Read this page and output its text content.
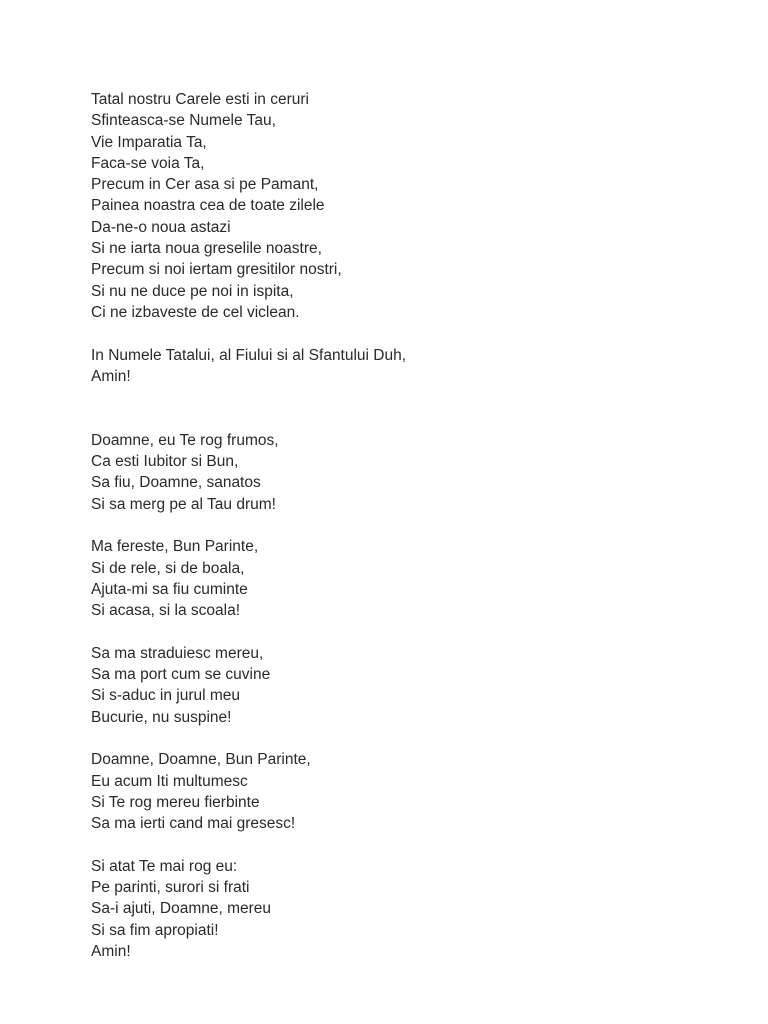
Tatal nostru Carele esti in ceruri
Sfinteasca-se Numele Tau,
Vie Imparatia Ta,
Faca-se voia Ta,
Precum in Cer asa si pe Pamant,
Painea noastra cea de toate zilele
Da-ne-o noua astazi
Si ne iarta noua greselile noastre,
Precum si noi iertam gresitilor nostri,
Si nu ne duce pe noi in ispita,
Ci ne izbaveste de cel viclean.
In Numele Tatalui, al Fiului si al Sfantului Duh,
Amin!
Doamne, eu Te rog frumos,
Ca esti Iubitor si Bun,
Sa fiu, Doamne, sanatos
Si sa merg pe al Tau drum!
Ma fereste, Bun Parinte,
Si de rele, si de boala,
Ajuta-mi sa fiu cuminte
Si acasa, si la scoala!
Sa ma straduiesc mereu,
Sa ma port cum se cuvine
Si s-aduc in jurul meu
Bucurie, nu suspine!
Doamne, Doamne, Bun Parinte,
Eu acum Iti multumesc
Si Te rog mereu fierbinte
Sa ma ierti cand mai gresesc!
Si atat Te mai rog eu:
Pe parinti, surori si frati
Sa-i ajuti, Doamne, mereu
Si sa fim apropiati!
Amin!
